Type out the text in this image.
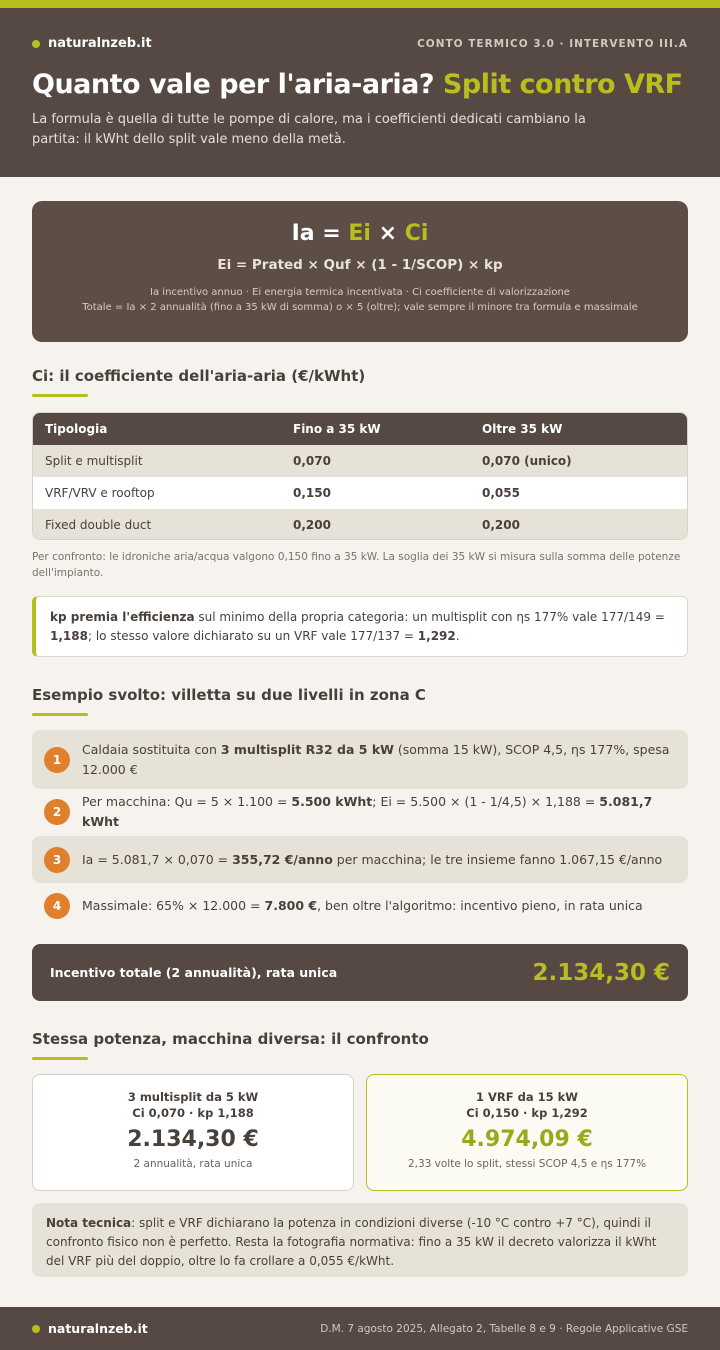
naturalnzeb.it	CONTO TERMICO 3.0 · INTERVENTO III.A
Quanto vale per l'aria-aria? Split contro VRF
La formula è quella di tutte le pompe di calore, ma i coefficienti dedicati cambiano la partita: il kWht dello split vale meno della metà.
Ia = Ei × Ci
Ei = Prated × Quf × (1 - 1/SCOP) × kp
Ia incentivo annuo · Ei energia termica incentivata · Ci coefficiente di valorizzazione
Totale = Ia × 2 annualità (fino a 35 kW di somma) o × 5 (oltre); vale sempre il minore tra formula e massimale
Ci: il coefficiente dell'aria-aria (€/kWht)
Tipologia	Fino a 35 kW	Oltre 35 kW
Split e multisplit	0,070	0,070 (unico)
VRF/VRV e rooftop	0,150	0,055
Fixed double duct	0,200	0,200
Per confronto: le idroniche aria/acqua valgono 0,150 fino a 35 kW. La soglia dei 35 kW si misura sulla somma delle potenze dell'impianto.
kp premia l'efficienza sul minimo della propria categoria: un multisplit con ηs 177% vale 177/149 = 1,188; lo stesso valore dichiarato su un VRF vale 177/137 = 1,292.
Esempio svolto: villetta su due livelli in zona C
1
Caldaia sostituita con 3 multisplit R32 da 5 kW (somma 15 kW), SCOP 4,5, ηs 177%, spesa 12.000 €
2
Per macchina: Qu = 5 × 1.100 = 5.500 kWht; Ei = 5.500 × (1 - 1/4,5) × 1,188 = 5.081,7 kWht
3	Ia = 5.081,7 × 0,070 = 355,72 €/anno per macchina; le tre insieme fanno 1.067,15 €/anno
4	Massimale: 65% × 12.000 = 7.800 €, ben oltre l'algoritmo: incentivo pieno, in rata unica
Incentivo totale (2 annualità), rata unica	2.134,30 €
Stessa potenza, macchina diversa: il confronto
3 multisplit da 5 kW
Ci 0,070 · kp 1,188
2.134,30 €
2 annualità, rata unica
1 VRF da 15 kW
Ci 0,150 · kp 1,292
4.974,09 €
2,33 volte lo split, stessi SCOP 4,5 e ηs 177%
Nota tecnica: split e VRF dichiarano la potenza in condizioni diverse (-10 °C contro +7 °C), quindi il confronto fisico non è perfetto. Resta la fotografia normativa: fino a 35 kW il decreto valorizza il kWht del VRF più del doppio, oltre lo fa crollare a 0,055 €/kWht.
naturalnzeb.it	D.M. 7 agosto 2025, Allegato 2, Tabelle 8 e 9 · Regole Applicative GSE
